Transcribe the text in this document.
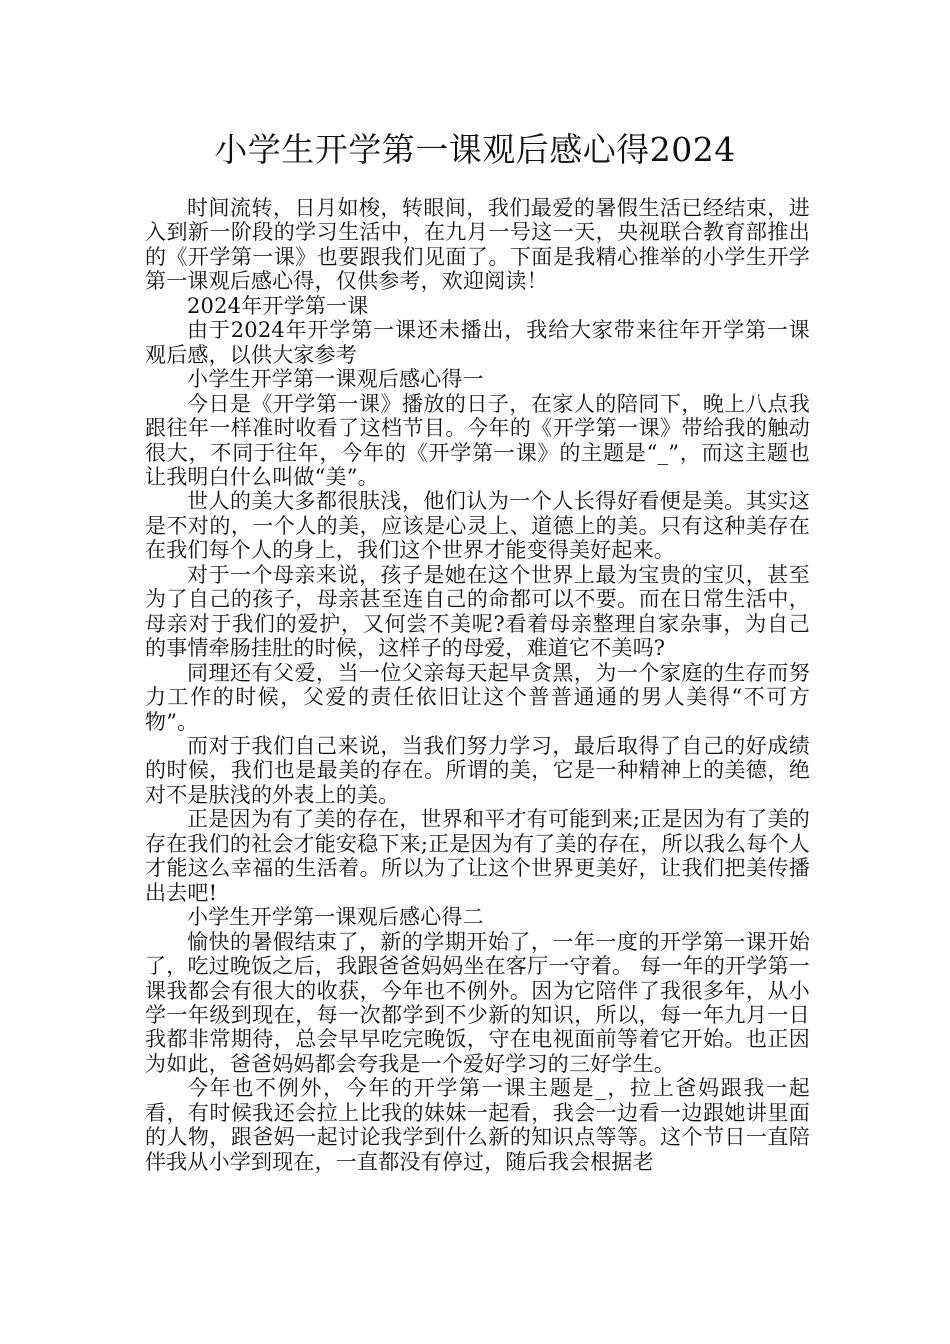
小学生开学第一课观后感心得2024

时间流转，日月如梭，转眼间，我们最爱的暑假生活已经结束，进入到新一阶段的学习生活中，在九月一号这一天，央视联合教育部推出的《开学第一课》也要跟我们见面了。下面是我精心推举的小学生开学第一课观后感心得，仅供参考，欢迎阅读！

2024年开学第一课

由于2024年开学第一课还未播出，我给大家带来往年开学第一课观后感，以供大家参考

小学生开学第一课观后感心得一

今日是《开学第一课》播放的日子，在家人的陪同下，晚上八点我跟往年一样准时收看了这档节目。今年的《开学第一课》带给我的触动很大，不同于往年，今年的《开学第一课》的主题是“_”，而这主题也让我明白什么叫做“美”。

世人的美大多都很肤浅，他们认为一个人长得好看便是美。其实这是不对的，一个人的美，应该是心灵上、道德上的美。只有这种美存在在我们每个人的身上，我们这个世界才能变得美好起来。

对于一个母亲来说，孩子是她在这个世界上最为宝贵的宝贝，甚至为了自己的孩子，母亲甚至连自己的命都可以不要。而在日常生活中，母亲对于我们的爱护，又何尝不美呢?看着母亲整理自家杂事，为自己的事情牵肠挂肚的时候，这样子的母爱，难道它不美吗?

同理还有父爱，当一位父亲每天起早贪黑，为一个家庭的生存而努力工作的时候，父爱的责任依旧让这个普普通通的男人美得“不可方物”。

而对于我们自己来说，当我们努力学习，最后取得了自己的好成绩的时候，我们也是最美的存在。所谓的美，它是一种精神上的美德，绝对不是肤浅的外表上的美。

正是因为有了美的存在，世界和平才有可能到来;正是因为有了美的存在我们的社会才能安稳下来;正是因为有了美的存在，所以我么每个人才能这么幸福的生活着。所以为了让这个世界更美好，让我们把美传播出去吧!

小学生开学第一课观后感心得二

愉快的暑假结束了，新的学期开始了，一年一度的开学第一课开始了，吃过晚饭之后，我跟爸爸妈妈坐在客厅一守着。 每一年的开学第一课我都会有很大的收获，今年也不例外。因为它陪伴了我很多年，从小学一年级到现在，每一次都学到不少新的知识，所以，每一年九月一日我都非常期待，总会早早吃完晚饭，守在电视面前等着它开始。也正因为如此，爸爸妈妈都会夸我是一个爱好学习的三好学生。

今年也不例外，今年的开学第一课主题是_，拉上爸妈跟我一起看，有时候我还会拉上比我的妹妹一起看，我会一边看一边跟她讲里面的人物，跟爸妈一起讨论我学到什么新的知识点等等。这个节日一直陪伴我从小学到现在，一直都没有停过，随后我会根据老
